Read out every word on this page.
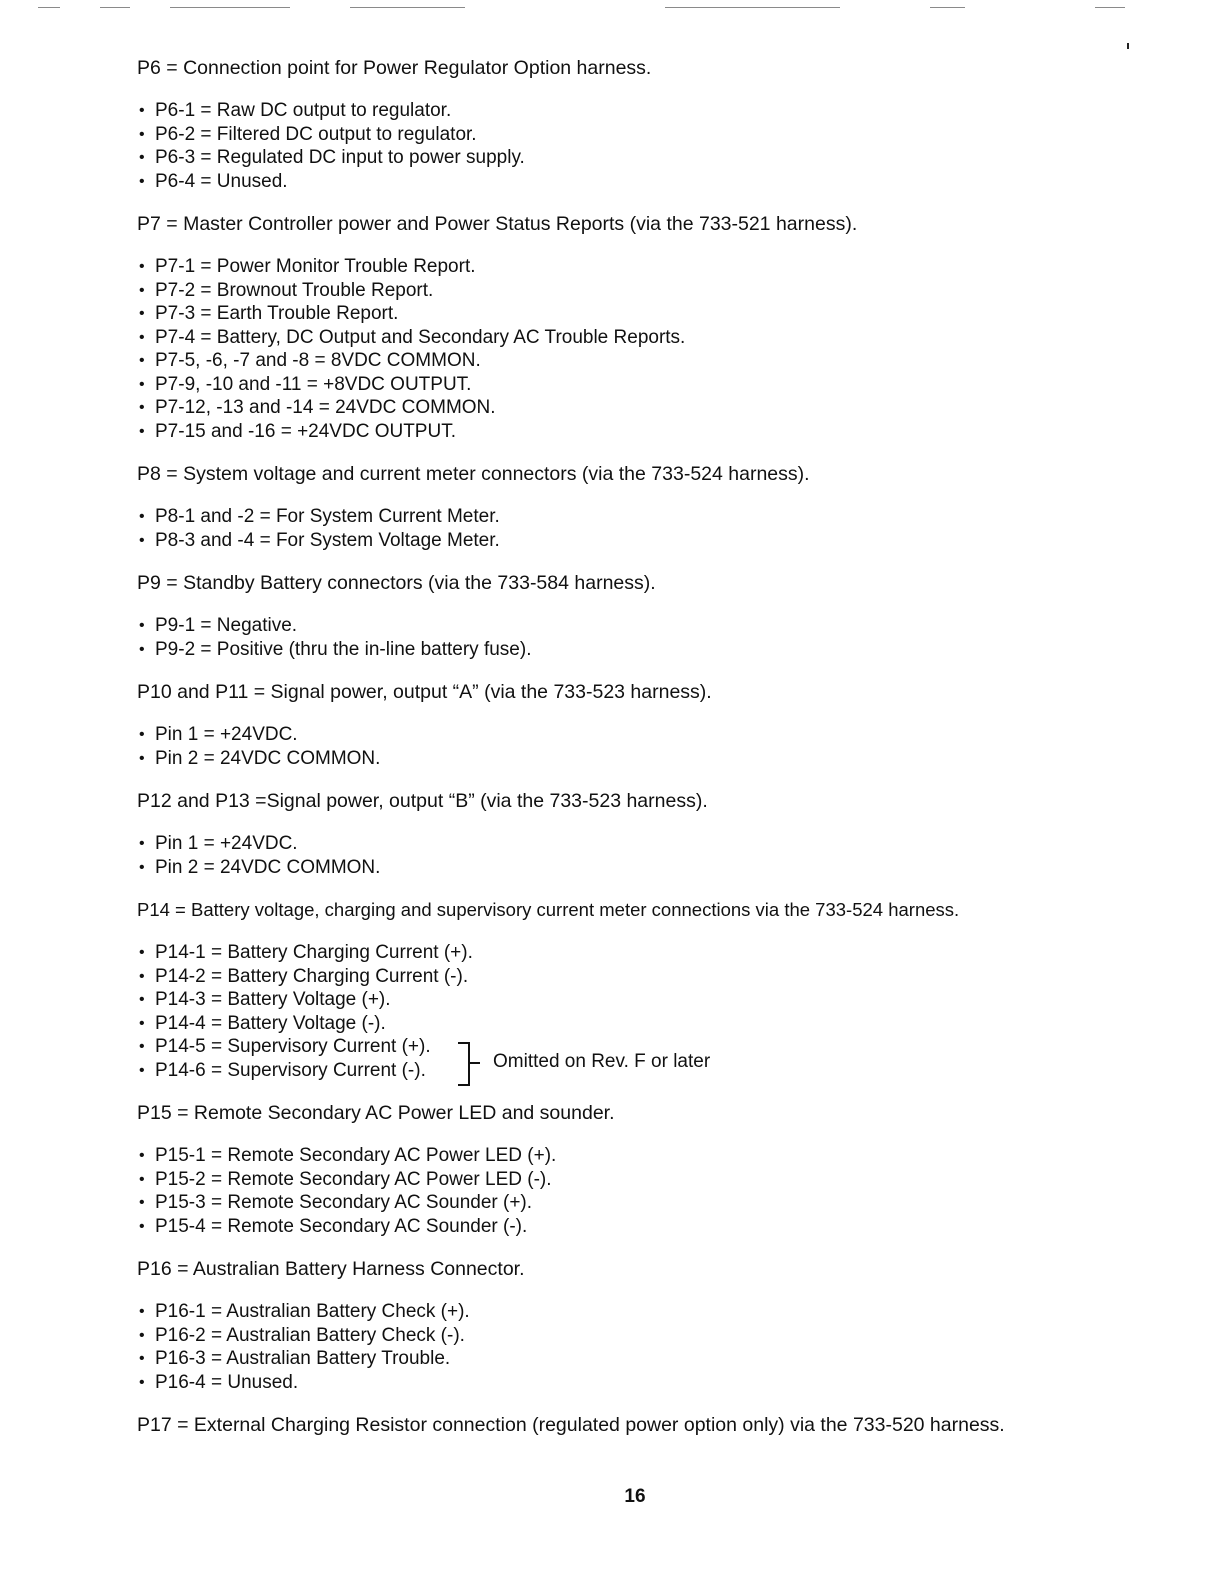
P6 = Connection point for Power Regulator Option harness.

• P6-1 = Raw DC output to regulator.
• P6-2 = Filtered DC output to regulator.
• P6-3 = Regulated DC input to power supply.
• P6-4 = Unused.

P7 = Master Controller power and Power Status Reports (via the 733-521 harness).

• P7-1 = Power Monitor Trouble Report.
• P7-2 = Brownout Trouble Report.
• P7-3 = Earth Trouble Report.
• P7-4 = Battery, DC Output and Secondary AC Trouble Reports.
• P7-5, -6, -7 and -8 = 8VDC COMMON.
• P7-9, -10 and -11 = +8VDC OUTPUT.
• P7-12, -13 and -14 = 24VDC COMMON.
• P7-15 and -16 = +24VDC OUTPUT.

P8 = System voltage and current meter connectors (via the 733-524 harness).

• P8-1 and -2 = For System Current Meter.
• P8-3 and -4 = For System Voltage Meter.

P9 = Standby Battery connectors (via the 733-584 harness).

• P9-1 = Negative.
• P9-2 = Positive (thru the in-line battery fuse).

P10 and P11 = Signal power, output “A” (via the 733-523 harness).

• Pin 1 = +24VDC.
• Pin 2 = 24VDC COMMON.

P12 and P13 =Signal power, output “B” (via the 733-523 harness).

• Pin 1 = +24VDC.
• Pin 2 = 24VDC COMMON.

P14 = Battery voltage, charging and supervisory current meter connections via the 733-524 harness.

• P14-1 = Battery Charging Current (+).
• P14-2 = Battery Charging Current (-).
• P14-3 = Battery Voltage (+).
• P14-4 = Battery Voltage (-).
• P14-5 = Supervisory Current (+).
• P14-6 = Supervisory Current (-).	Omitted on Rev. F or later

P15 = Remote Secondary AC Power LED and sounder.

• P15-1 = Remote Secondary AC Power LED (+).
• P15-2 = Remote Secondary AC Power LED (-).
• P15-3 = Remote Secondary AC Sounder (+).
• P15-4 = Remote Secondary AC Sounder (-).

P16 = Australian Battery Harness Connector.

• P16-1 = Australian Battery Check (+).
• P16-2 = Australian Battery Check (-).
• P16-3 = Australian Battery Trouble.
• P16-4 = Unused.

P17 = External Charging Resistor connection (regulated power option only) via the 733-520 harness.

16
